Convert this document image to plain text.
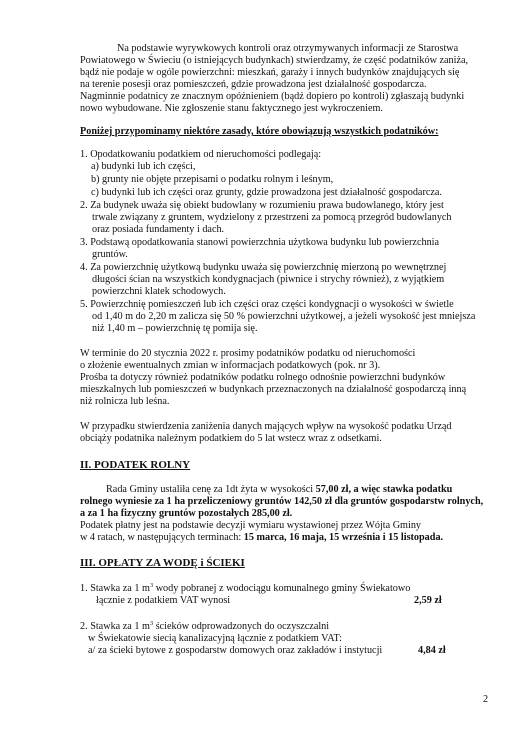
Na podstawie wyrywkowych kontroli oraz otrzymywanych informacji ze Starostwa
Powiatowego w Świeciu (o istniejących budynkach) stwierdzamy, że część podatników zaniża,
bądź nie podaje w ogóle powierzchni: mieszkań, garaży i innych budynków znajdujących się
na terenie posesji oraz pomieszczeń, gdzie prowadzona jest działalność gospodarcza.
Nagminnie podatnicy ze znacznym opóźnieniem (bądź dopiero po kontroli) zgłaszają budynki
nowo wybudowane. Nie zgłoszenie stanu faktycznego jest wykroczeniem.
Poniżej przypominamy niektóre zasady, które obowiązują wszystkich podatników:
1. Opodatkowaniu podatkiem od nieruchomości podlegają:
a) budynki lub ich części,
b) grunty nie objęte przepisami o podatku rolnym i leśnym,
c) budynki lub ich części oraz grunty, gdzie prowadzona jest działalność gospodarcza.
2. Za budynek uważa się obiekt budowlany w rozumieniu prawa budowlanego, który jest
trwale związany z gruntem, wydzielony z przestrzeni za pomocą przegród budowlanych
oraz posiada fundamenty i dach.
3. Podstawą opodatkowania stanowi powierzchnia użytkowa budynku lub powierzchnia
gruntów.
4. Za powierzchnię użytkową budynku uważa się powierzchnię mierzoną po wewnętrznej
długości ścian na wszystkich kondygnacjach (piwnice i strychy również), z wyjątkiem
powierzchni klatek schodowych.
5. Powierzchnię pomieszczeń lub ich części oraz części kondygnacji o wysokości w świetle
od 1,40 m do 2,20 m zalicza się 50 % powierzchni użytkowej, a jeżeli wysokość jest mniejsza
niż 1,40 m – powierzchnię tę pomija się.
W terminie do 20 stycznia 2022 r. prosimy podatników podatku od nieruchomości
o złożenie ewentualnych zmian w informacjach podatkowych (pok. nr 3).
Prośba ta dotyczy również podatników podatku rolnego odnośnie powierzchni budynków
mieszkalnych lub pomieszczeń w budynkach przeznaczonych na działalność gospodarczą inną
niż rolnicza lub leśna.
W przypadku stwierdzenia zaniżenia danych mających wpływ na wysokość podatku Urząd
obciąży podatnika należnym podatkiem do 5 lat wstecz wraz z odsetkami.
II. PODATEK ROLNY
Rada Gminy ustaliła cenę za 1dt żyta w wysokości 57,00 zł, a więc stawka podatku
rolnego wyniesie za 1 ha przeliczeniowy gruntów 142,50 zł dla gruntów gospodarstw rolnych,
a za 1 ha fizyczny gruntów pozostałych 285,00 zł.
Podatek płatny jest na podstawie decyzji wymiaru wystawionej przez Wójta Gminy
w 4 ratach, w następujących terminach: 15 marca, 16 maja, 15 września i 15 listopada.
III. OPŁATY ZA WODĘ i ŚCIEKI
1. Stawka za 1 $m^3$ wody pobranej z wodociągu komunalnego gminy Świekatowo
łącznie z podatkiem VAT wynosi	2,59 zł
2. Stawka za 1 $m^3$ ścieków odprowadzonych do oczyszczalni
w Świekatowie siecią kanalizacyjną łącznie z podatkiem VAT:
a/ za ścieki bytowe z gospodarstw domowych oraz zakładów i instytucji	4,84 zł
2
